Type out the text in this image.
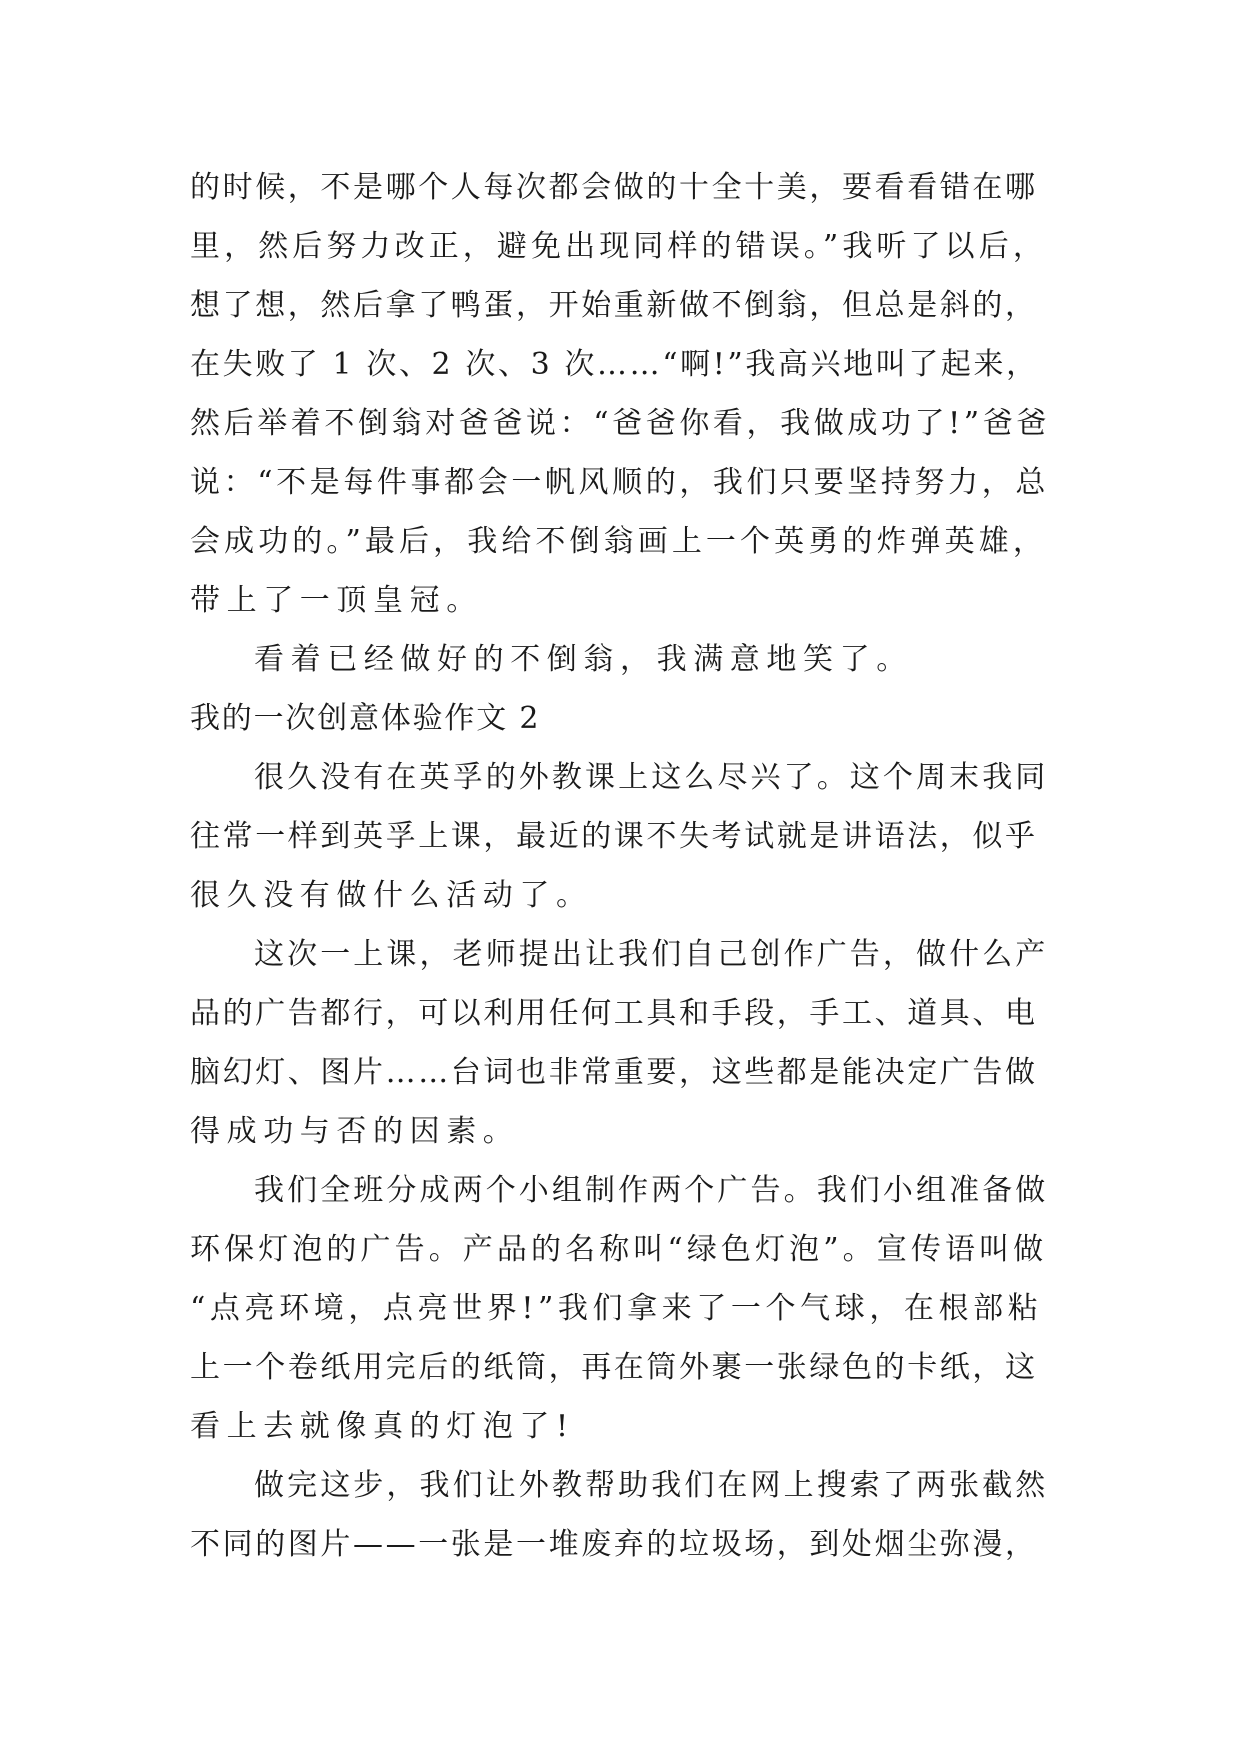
的时候，不是哪个人每次都会做的十全十美，要看看错在哪
里，然后努力改正，避免出现同样的错误。”我听了以后，
想了想，然后拿了鸭蛋，开始重新做不倒翁，但总是斜的，
在失败了 1 次、2 次、3 次……“啊!”我高兴地叫了起来，
然后举着不倒翁对爸爸说：“爸爸你看，我做成功了!”爸爸
说：“不是每件事都会一帆风顺的，我们只要坚持努力，总
会成功的。”最后，我给不倒翁画上一个英勇的炸弹英雄，
带上了一顶皇冠。
看着已经做好的不倒翁，我满意地笑了。
我的一次创意体验作文 2
很久没有在英孚的外教课上这么尽兴了。这个周末我同
往常一样到英孚上课，最近的课不失考试就是讲语法，似乎
很久没有做什么活动了。
这次一上课，老师提出让我们自己创作广告，做什么产
品的广告都行，可以利用任何工具和手段，手工、道具、电
脑幻灯、图片……台词也非常重要，这些都是能决定广告做
得成功与否的因素。
我们全班分成两个小组制作两个广告。我们小组准备做
环保灯泡的广告。产品的名称叫“绿色灯泡”。宣传语叫做
“点亮环境，点亮世界!”我们拿来了一个气球，在根部粘
上一个卷纸用完后的纸筒，再在筒外裹一张绿色的卡纸，这
看上去就像真的灯泡了!
做完这步，我们让外教帮助我们在网上搜索了两张截然
不同的图片——一张是一堆废弃的垃圾场，到处烟尘弥漫，
